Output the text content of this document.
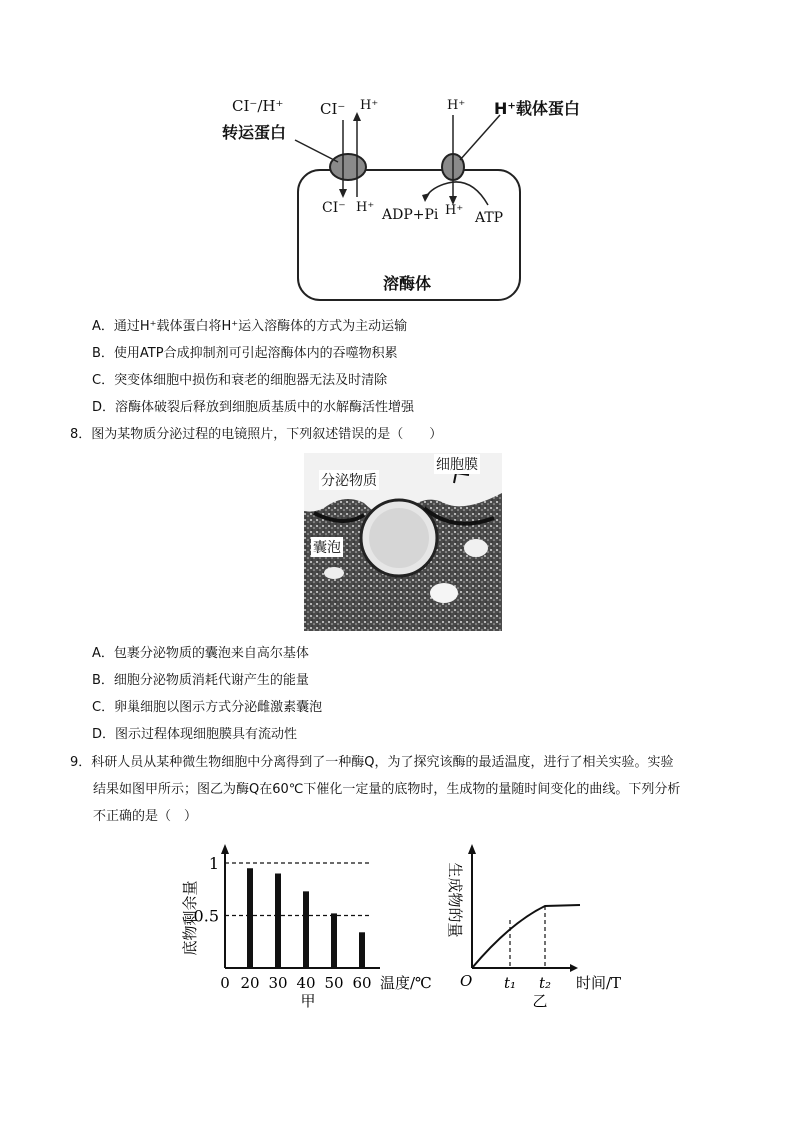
CI⁻/H⁺
转运蛋白
CI⁻ H⁺	H⁺ H⁺载体蛋白
CI⁻ H⁺ ADP+Pi H⁺ ATP
溶酶体
A．通过H⁺载体蛋白将H⁺运入溶酶体的方式为主动运输
B．使用ATP合成抑制剂可引起溶酶体内的吞噬物积累
C．突变体细胞中损伤和衰老的细胞器无法及时清除
D．溶酶体破裂后释放到细胞质基质中的水解酶活性增强
8．图为某物质分泌过程的电镜照片，下列叙述错误的是（　　）
分泌物质
细胞膜
囊泡
A．包裹分泌物质的囊泡来自高尔基体
B．细胞分泌物质消耗代谢产生的能量
C．卵巢细胞以图示方式分泌雌激素囊泡
D．图示过程体现细胞膜具有流动性
9．科研人员从某种微生物细胞中分离得到了一种酶Q，为了探究该酶的最适温度，进行了相关实验。实验
结果如图甲所示；图乙为酶Q在60℃下催化一定量的底物时，生成物的量随时间变化的曲线。下列分析
不正确的是（　）
0.5
1
20 30 40 50 60
0	温度/℃
底物剩余量
甲
t₁ t₂
O	时间/T
生成物的量
乙
